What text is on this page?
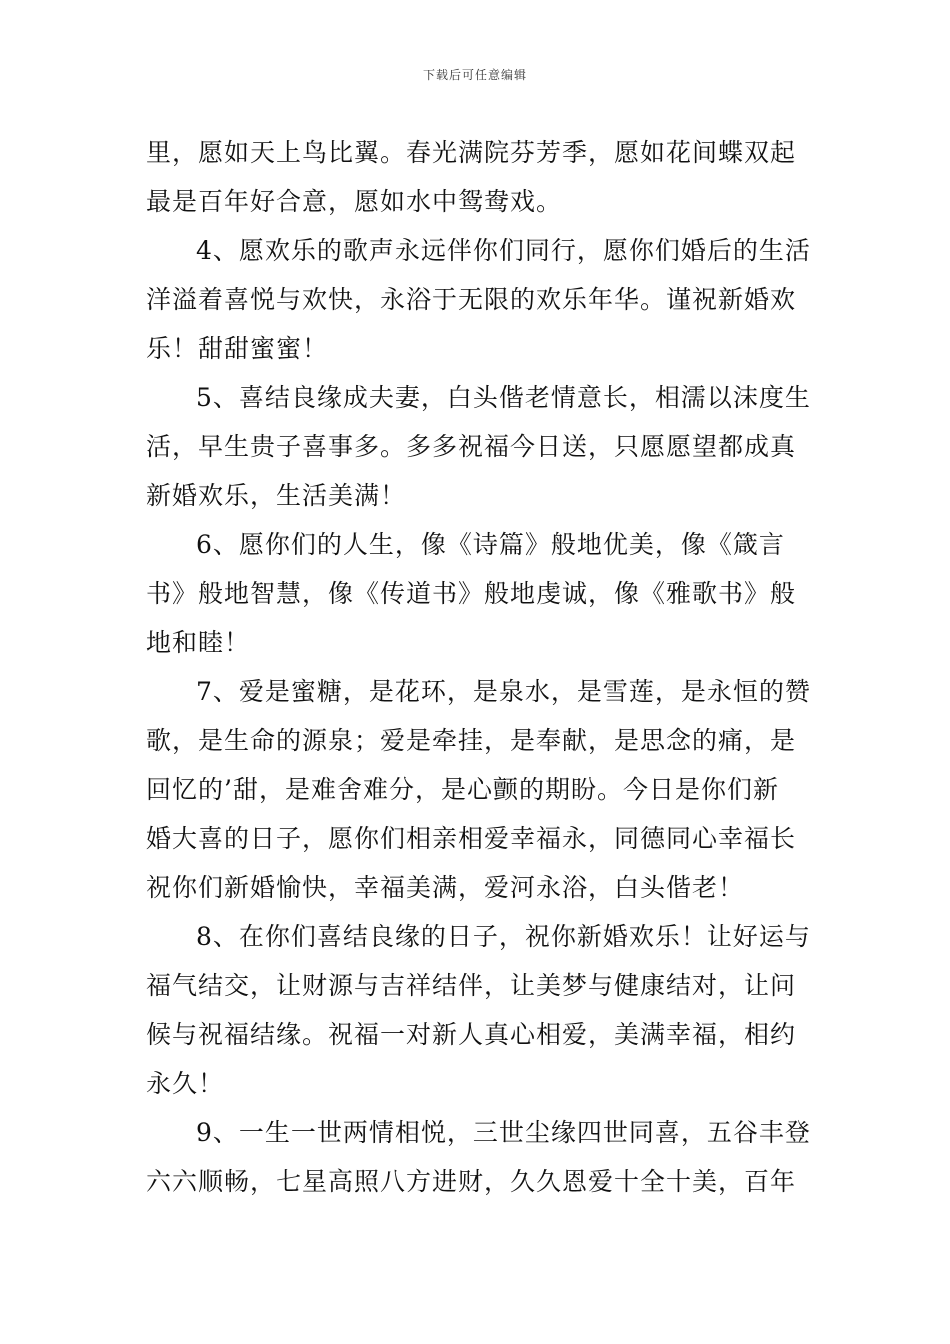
下载后可任意编辑
里，愿如天上鸟比翼。春光满院芬芳季，愿如花间蝶双起
最是百年好合意，愿如水中鸳鸯戏。
4、愿欢乐的歌声永远伴你们同行，愿你们婚后的生活
洋溢着喜悦与欢快，永浴于无限的欢乐年华。谨祝新婚欢
乐！甜甜蜜蜜！
5、喜结良缘成夫妻，白头偕老情意长，相濡以沫度生
活，早生贵子喜事多。多多祝福今日送，只愿愿望都成真
新婚欢乐，生活美满！
6、愿你们的人生，像《诗篇》般地优美，像《箴言
书》般地智慧，像《传道书》般地虔诚，像《雅歌书》般
地和睦！
7、爱是蜜糖，是花环，是泉水，是雪莲，是永恒的赞
歌，是生命的源泉；爱是牵挂，是奉献，是思念的痛，是
回忆的’甜，是难舍难分，是心颤的期盼。今日是你们新
婚大喜的日子，愿你们相亲相爱幸福永，同德同心幸福长
祝你们新婚愉快，幸福美满，爱河永浴，白头偕老！
8、在你们喜结良缘的日子，祝你新婚欢乐！让好运与
福气结交，让财源与吉祥结伴，让美梦与健康结对，让问
候与祝福结缘。祝福一对新人真心相爱，美满幸福，相约
永久！
9、一生一世两情相悦，三世尘缘四世同喜，五谷丰登
六六顺畅，七星高照八方进财，久久恩爱十全十美，百年
